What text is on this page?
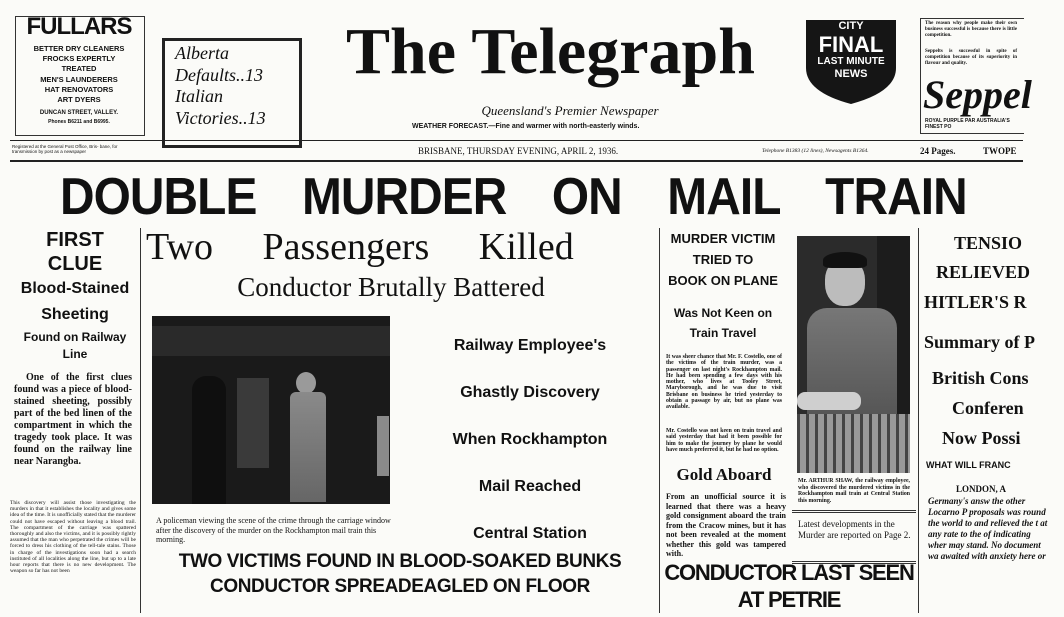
FULLARS
BETTER DRY CLEANERS
FROCKS EXPERTLY
TREATED
MEN'S LAUNDERERS
HAT RENOVATORS
ART DYERS
DUNCAN STREET, VALLEY.
Phones B6211 and B6995.
Alberta
Defaults..13
Italian
Victories..13
The Telegraph
Queensland's Premier Newspaper
WEATHER FORECAST.—Fine and warmer with north-easterly winds.
CITY
FINAL
LAST MINUTE
NEWS
The reason why people make their own business successful is because there is little competition.
Seppelts is successful in spite of competition because of its superiority in flavour and quality.
Seppel
ROYAL PURPLE PAR AUSTRALIA'S FINEST PO
Registered at the General Post Office, Bris- bane, for transmission by post as a newspaper	BRISBANE, THURSDAY EVENING, APRIL 2, 1936.	Telephone B1383 (12 lines), Newsagents B1364.	24 Pages.	TWOPE
DOUBLE MURDER ON MAIL TRAIN
FIRST
CLUE
Blood-Stained
Sheeting
Found on Railway
Line
One of the first clues found was a piece of blood-stained sheeting, possibly part of the bed linen of the compartment in which the tragedy took place. It was found on the railway line near Narangba.
This discovery will assist those investigating the murders in that it establishes the locality and gives some idea of the time. It is unofficially stated that the murderer could not have escaped without leaving a blood trail. The compartment of the carriage was spattered thoroughly and also the victims, and it is possibly rightly assumed that the man who perpetrated the crimes will be forced to dress his clothing of the tell-tale stains. Those in charge of the investigations soon had a search instituted of all localities along the line, but up to a late hour reports that there is no new development. The weapon so far has not been
Two Passengers Killed
Conductor Brutally Battered
A policeman viewing the scene of the crime through the carriage window after the discovery of the murder on the Rockhampton mail train this morning.
Railway Employee's
Ghastly Discovery
When Rockhampton
Mail Reached
Central Station
TWO VICTIMS FOUND IN BLOOD-SOAKED BUNKS
CONDUCTOR SPREADEAGLED ON FLOOR
MURDER VICTIM
TRIED TO
BOOK ON PLANE
Was Not Keen on
Train Travel
It was sheer chance that Mr. F. Costello, one of the victims of the train murder, was a passenger on last night's Rockhampton mail. He had been spending a few days with his mother, who lives at Tooley Street, Maryborough, and he was due to visit Brisbane on business he tried yesterday to obtain a passage by air, but no plane was available.
Mr. Costello was not keen on train travel and said yesterday that had it been possible for him to make the journey by plane he would have much preferred it, but he had no option.
Gold Aboard
From an unofficial source it is learned that there was a heavy gold consignment aboard the train from the Cracow mines, but it has not been revealed at the moment whether this gold was tampered with.
Mr. ARTHUR SHAW, the railway employee, who discovered the murdered victims in the Rockhampton mail train at Central Station this morning.
Latest developments in the Murder are reported on Page 2.
CONDUCTOR LAST SEEN
AT PETRIE
TENSIO
RELIEVED
HITLER'S R
Summary of P
British Cons
Conferen
Now Possi
WHAT WILL FRANC
LONDON, A
Germany's answ the other Locarno P proposals was round the world to and relieved the t at any rate to the of indicating wher may stand. No document wa awaited with anxiety here or
